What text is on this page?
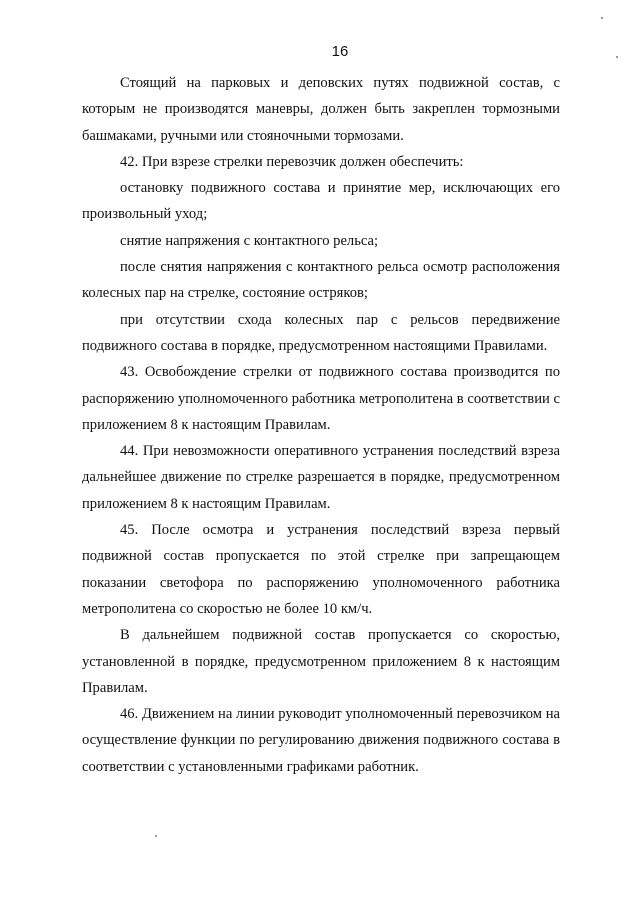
16

Стоящий на парковых и деповских путях подвижной состав, с которым не производятся маневры, должен быть закреплен тормозными башмаками, ручными или стояночными тормозами.

42. При взрезе стрелки перевозчик должен обеспечить:

остановку подвижного состава и принятие мер, исключающих его произвольный уход;

снятие напряжения с контактного рельса;

после снятия напряжения с контактного рельса осмотр расположения колесных пар на стрелке, состояние остряков;

при отсутствии схода колесных пар с рельсов передвижение подвижного состава в порядке, предусмотренном настоящими Правилами.

43. Освобождение стрелки от подвижного состава производится по распоряжению уполномоченного работника метрополитена в соответствии с приложением 8 к настоящим Правилам.

44. При невозможности оперативного устранения последствий взреза дальнейшее движение по стрелке разрешается в порядке, предусмотренном приложением 8 к настоящим Правилам.

45. После осмотра и устранения последствий взреза первый подвижной состав пропускается по этой стрелке при запрещающем показании светофора по распоряжению уполномоченного работника метрополитена со скоростью не более 10 км/ч.

В дальнейшем подвижной состав пропускается со скоростью, установленной в порядке, предусмотренном приложением 8 к настоящим Правилам.

46. Движением на линии руководит уполномоченный перевозчиком на осуществление функции по регулированию движения подвижного состава в соответствии с установленными графиками работник.
